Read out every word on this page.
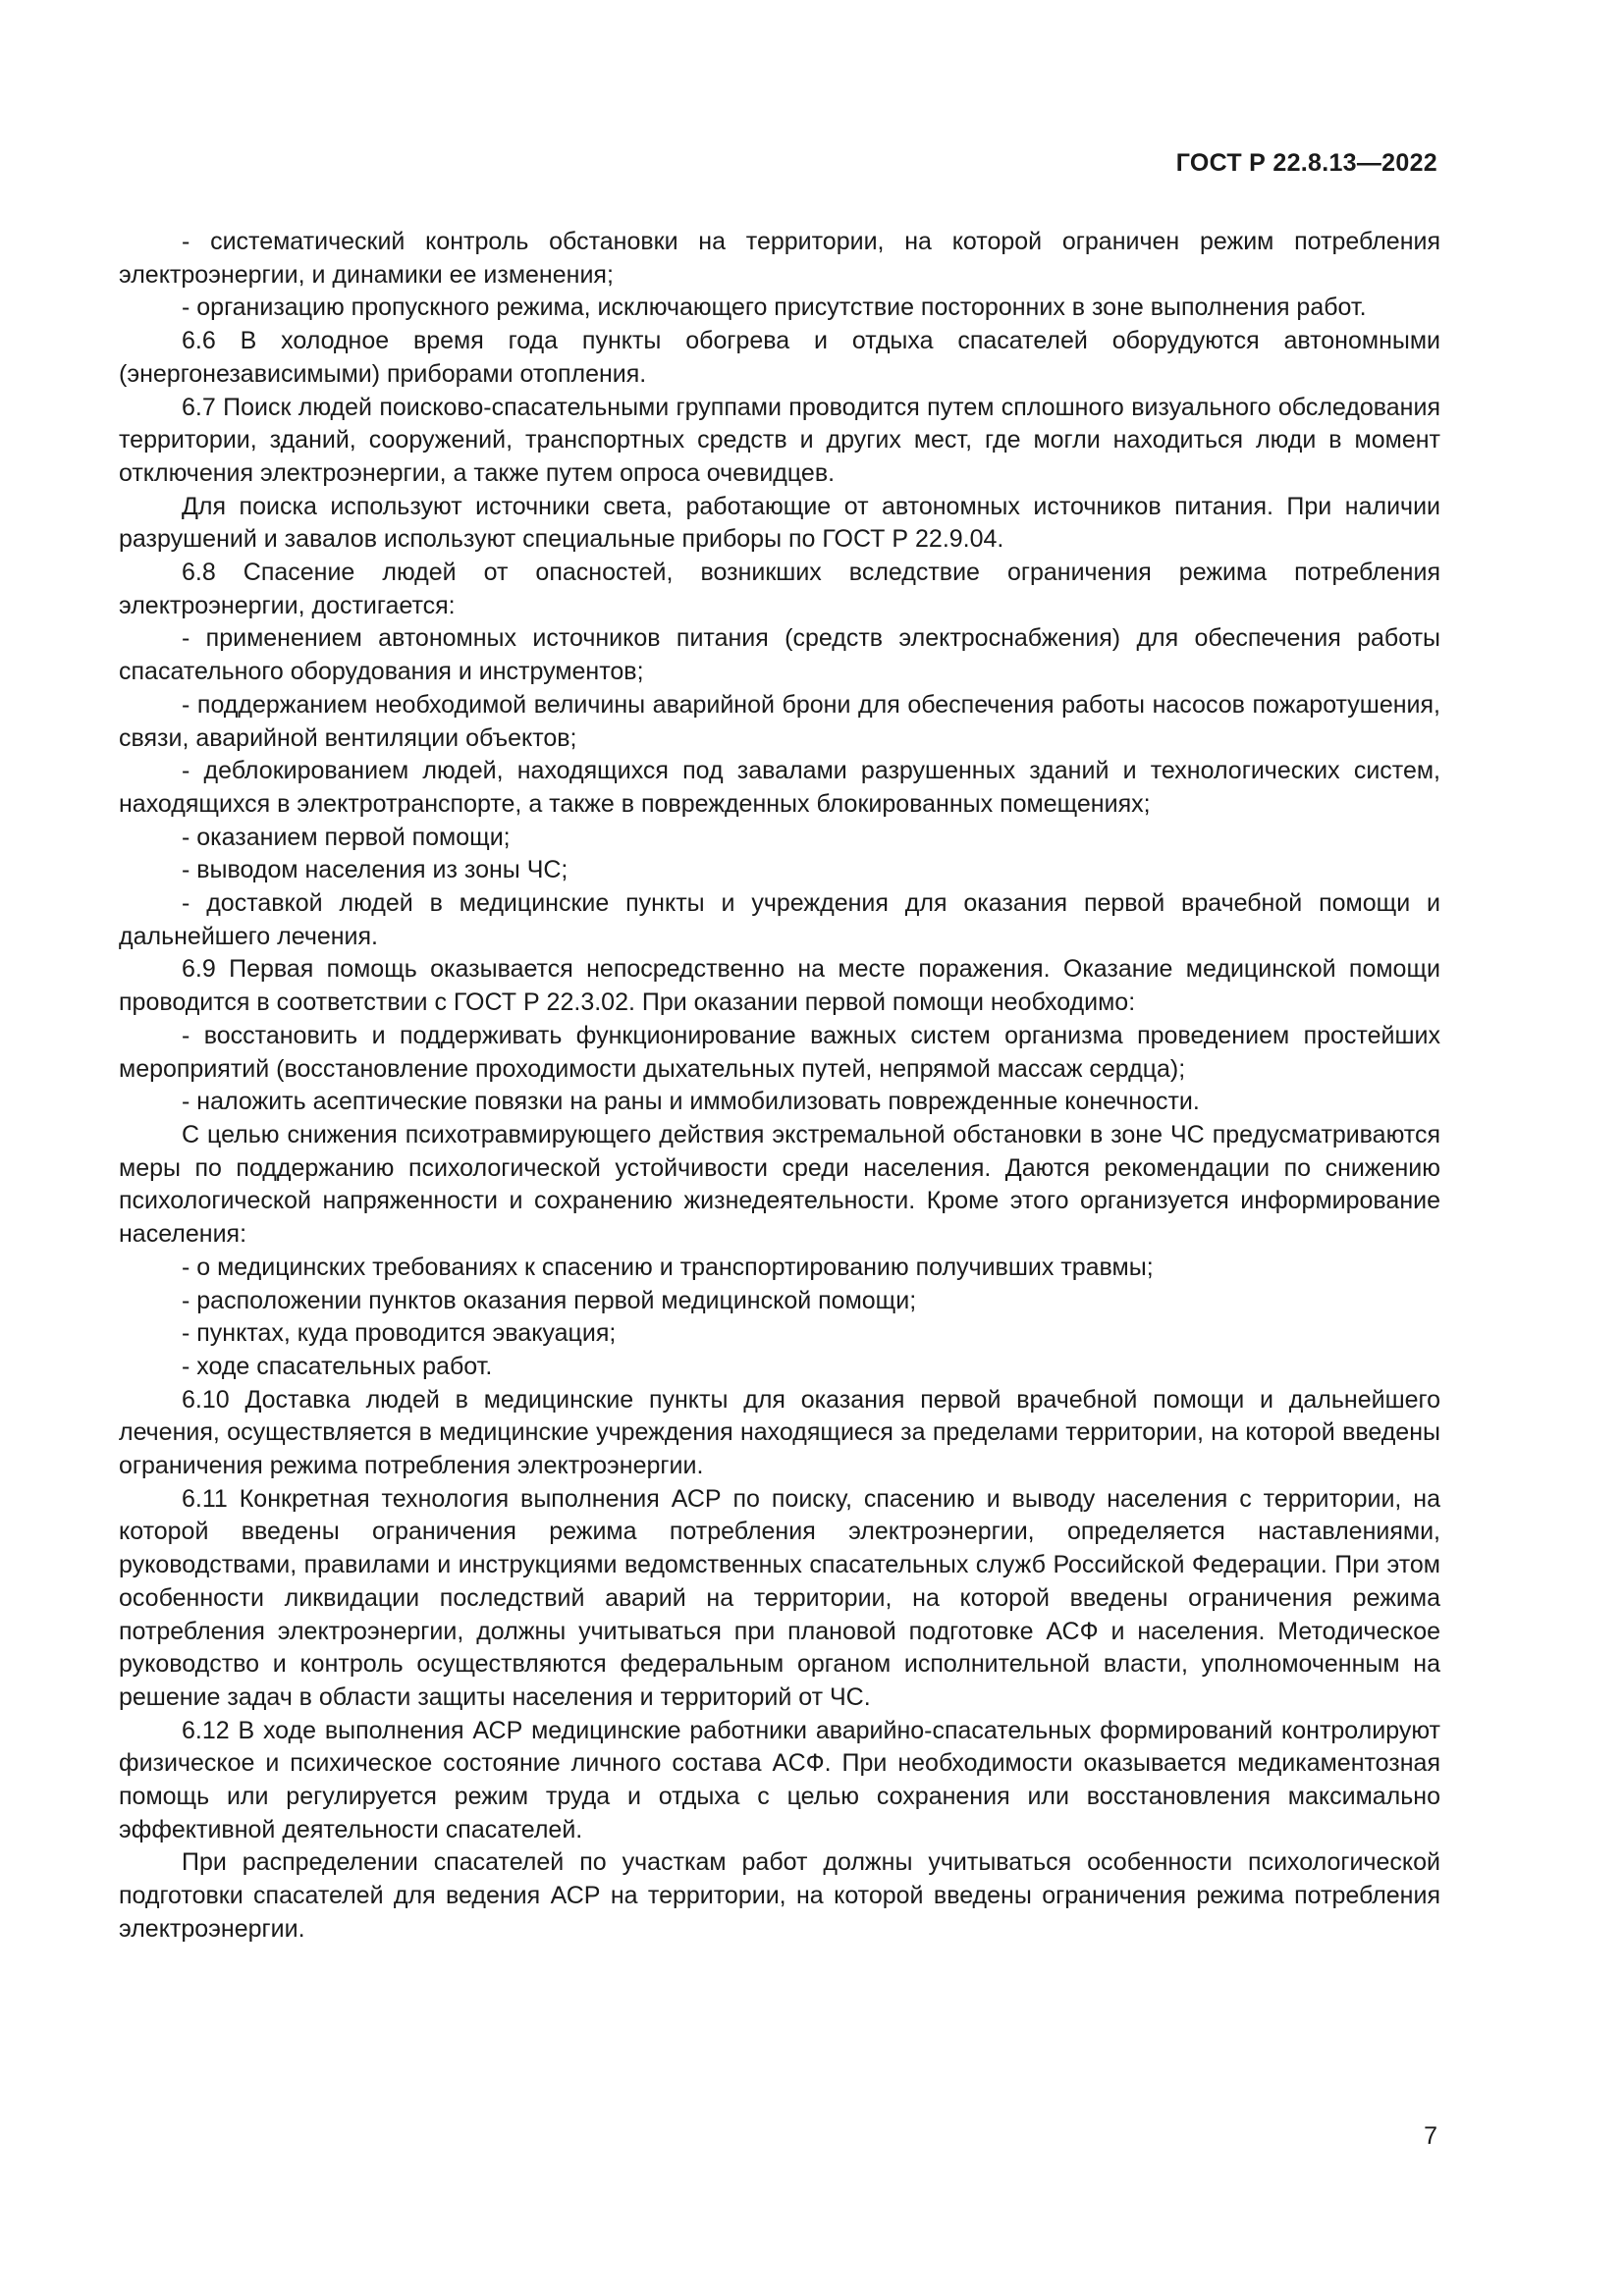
ГОСТ Р 22.8.13—2022

- систематический контроль обстановки на территории, на которой ограничен режим потребления электроэнергии, и динамики ее изменения;

- организацию пропускного режима, исключающего присутствие посторонних в зоне выполнения работ.

6.6 В холодное время года пункты обогрева и отдыха спасателей оборудуются автономными (энергонезависимыми) приборами отопления.

6.7 Поиск людей поисково-спасательными группами проводится путем сплошного визуального обследования территории, зданий, сооружений, транспортных средств и других мест, где могли находиться люди в момент отключения электроэнергии, а также путем опроса очевидцев.

Для поиска используют источники света, работающие от автономных источников питания. При наличии разрушений и завалов используют специальные приборы по ГОСТ Р 22.9.04.

6.8 Спасение людей от опасностей, возникших вследствие ограничения режима потребления электроэнергии, достигается:

- применением автономных источников питания (средств электроснабжения) для обеспечения работы спасательного оборудования и инструментов;

- поддержанием необходимой величины аварийной брони для обеспечения работы насосов пожаротушения, связи, аварийной вентиляции объектов;

- деблокированием людей, находящихся под завалами разрушенных зданий и технологических систем, находящихся в электротранспорте, а также в поврежденных блокированных помещениях;

- оказанием первой помощи;

- выводом населения из зоны ЧС;

- доставкой людей в медицинские пункты и учреждения для оказания первой врачебной помощи и дальнейшего лечения.

6.9 Первая помощь оказывается непосредственно на месте поражения. Оказание медицинской помощи проводится в соответствии с ГОСТ Р 22.3.02. При оказании первой помощи необходимо:

- восстановить и поддерживать функционирование важных систем организма проведением простейших мероприятий (восстановление проходимости дыхательных путей, непрямой массаж сердца);

- наложить асептические повязки на раны и иммобилизовать поврежденные конечности.

С целью снижения психотравмирующего действия экстремальной обстановки в зоне ЧС предусматриваются меры по поддержанию психологической устойчивости среди населения. Даются рекомендации по снижению психологической напряженности и сохранению жизнедеятельности. Кроме этого организуется информирование населения:

- о медицинских требованиях к спасению и транспортированию получивших травмы;

- расположении пунктов оказания первой медицинской помощи;

- пунктах, куда проводится эвакуация;

- ходе спасательных работ.

6.10 Доставка людей в медицинские пункты для оказания первой врачебной помощи и дальнейшего лечения, осуществляется в медицинские учреждения находящиеся за пределами территории, на которой введены ограничения режима потребления электроэнергии.

6.11 Конкретная технология выполнения АСР по поиску, спасению и выводу населения с территории, на которой введены ограничения режима потребления электроэнергии, определяется наставлениями, руководствами, правилами и инструкциями ведомственных спасательных служб Российской Федерации. При этом особенности ликвидации последствий аварий на территории, на которой введены ограничения режима потребления электроэнергии, должны учитываться при плановой подготовке АСФ и населения. Методическое руководство и контроль осуществляются федеральным органом исполнительной власти, уполномоченным на решение задач в области защиты населения и территорий от ЧС.

6.12 В ходе выполнения АСР медицинские работники аварийно-спасательных формирований контролируют физическое и психическое состояние личного состава АСФ. При необходимости оказывается медикаментозная помощь или регулируется режим труда и отдыха с целью сохранения или восстановления максимально эффективной деятельности спасателей.

При распределении спасателей по участкам работ должны учитываться особенности психологической подготовки спасателей для ведения АСР на территории, на которой введены ограничения режима потребления электроэнергии.

7
